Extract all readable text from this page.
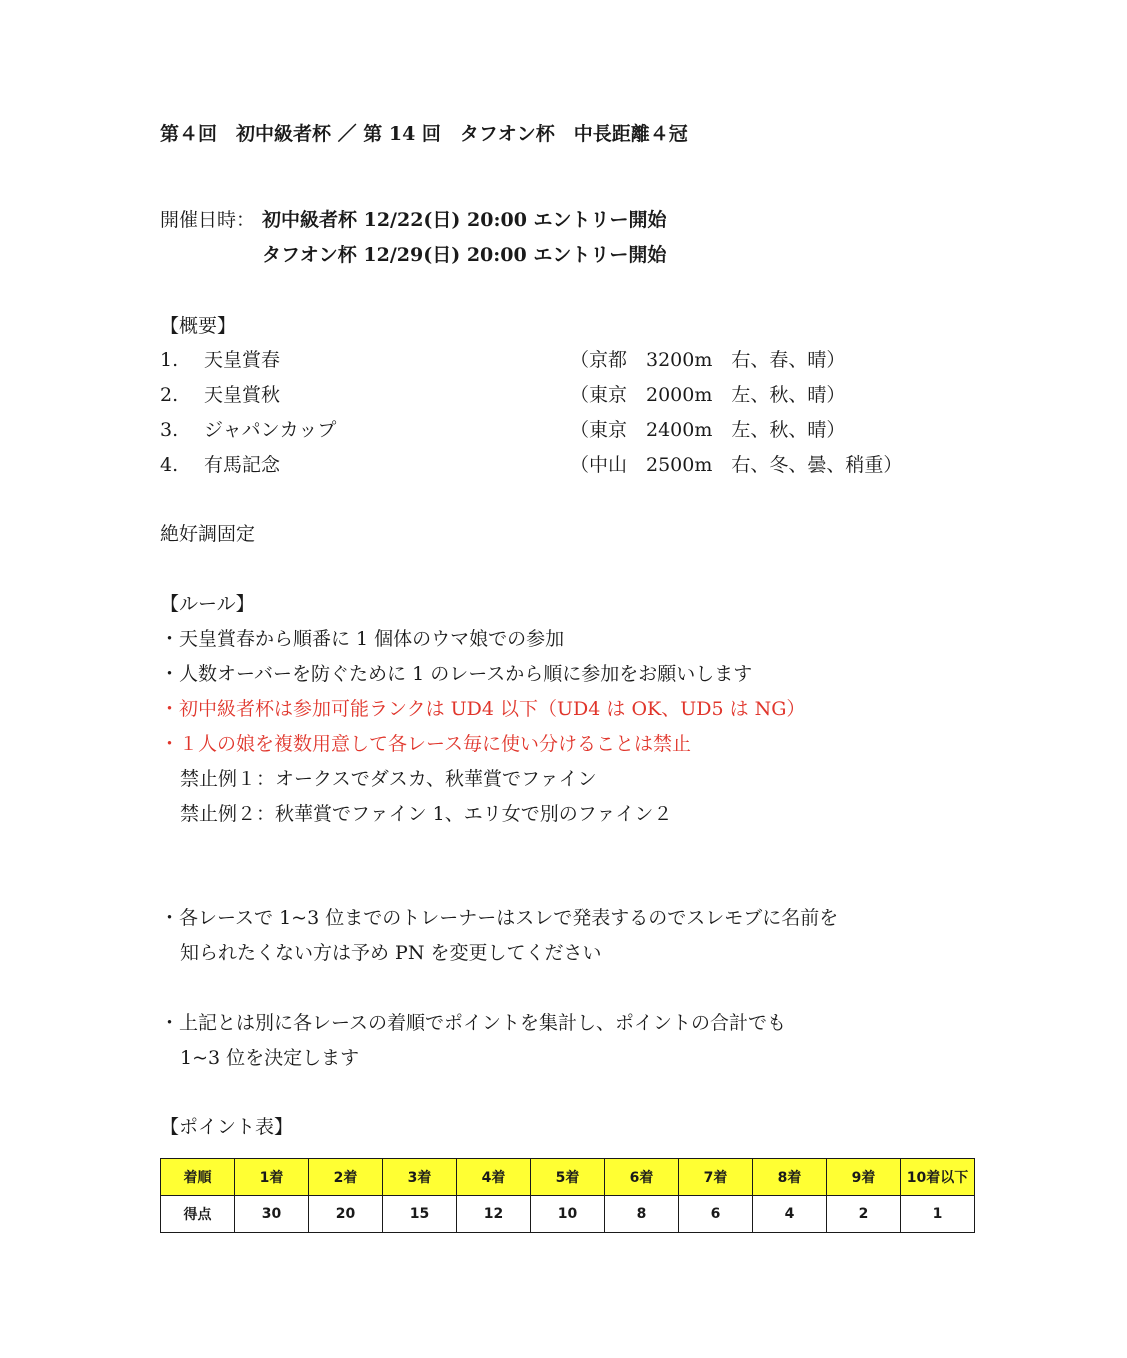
第４回　初中級者杯 ／ 第 14 回　タフオン杯　中長距離４冠
開催日時： 初中級者杯 12/22(日) 20:00 エントリー開始
タフオン杯 12/29(日) 20:00 エントリー開始
【概要】
1.	天皇賞春	（京都　3200m　右、春、晴）
2.	天皇賞秋	（東京　2000m　左、秋、晴）
3.	ジャパンカップ	（東京　2400m　左、秋、晴）
4.	有馬記念	（中山　2500m　右、冬、曇、稍重）
絶好調固定
【ルール】
・天皇賞春から順番に 1 個体のウマ娘での参加
・人数オーバーを防ぐために 1 のレースから順に参加をお願いします
・初中級者杯は参加可能ランクは UD4 以下（UD4 は OK、UD5 は NG）
・１人の娘を複数用意して各レース毎に使い分けることは禁止
禁止例１：オークスでダスカ、秋華賞でファイン
禁止例２：秋華賞でファイン 1、エリ女で別のファイン２
・各レースで 1~3 位までのトレーナーはスレで発表するのでスレモブに名前を
知られたくない方は予め PN を変更してください
・上記とは別に各レースの着順でポイントを集計し、ポイントの合計でも
1~3 位を決定します
【ポイント表】
着順	1着	2着	3着	4着	5着	6着	7着	8着	9着	10着以下
得点	30	20	15	12	10	8	6	4	2	1
